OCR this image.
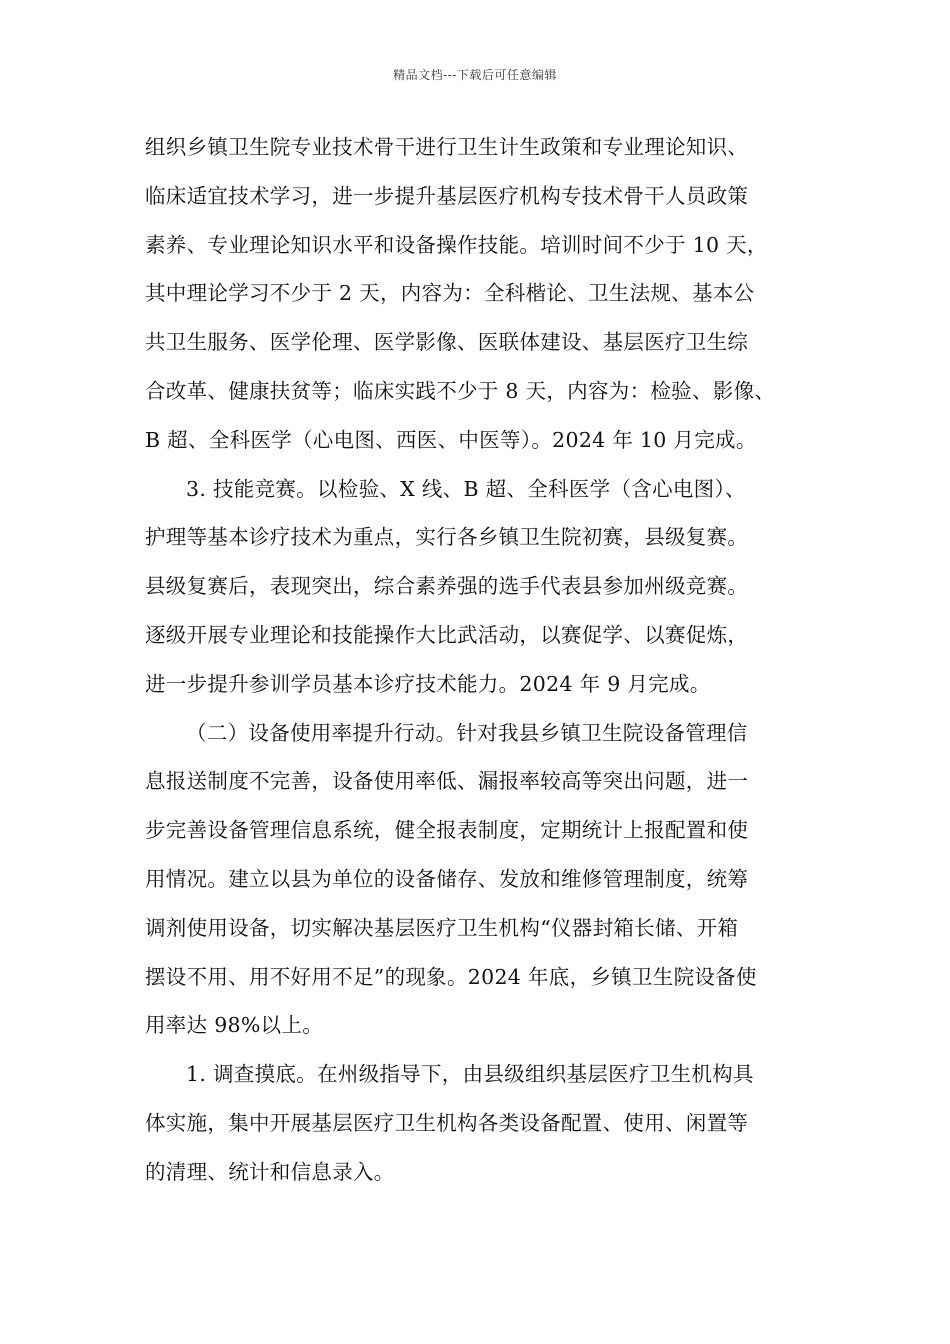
精品文档---下载后可任意编辑
组织乡镇卫生院专业技术骨干进行卫生计生政策和专业理论知识、
临床适宜技术学习，进一步提升基层医疗机构专技术骨干人员政策
素养、专业理论知识水平和设备操作技能。培训时间不少于 10 天，
其中理论学习不少于 2 天，内容为：全科楷论、卫生法规、基本公
共卫生服务、医学伦理、医学影像、医联体建设、基层医疗卫生综
合改革、健康扶贫等；临床实践不少于 8 天，内容为：检验、影像、
B 超、全科医学（心电图、西医、中医等）。2024 年 10 月完成。
3. 技能竞赛。以检验、X 线、B 超、全科医学（含心电图）、
护理等基本诊疗技术为重点，实行各乡镇卫生院初赛，县级复赛。
县级复赛后，表现突出，综合素养强的选手代表县参加州级竞赛。
逐级开展专业理论和技能操作大比武活动，以赛促学、以赛促炼，
进一步提升参训学员基本诊疗技术能力。2024 年 9 月完成。
（二）设备使用率提升行动。针对我县乡镇卫生院设备管理信
息报送制度不完善，设备使用率低、漏报率较高等突出问题，进一
步完善设备管理信息系统，健全报表制度，定期统计上报配置和使
用情况。建立以县为单位的设备储存、发放和维修管理制度，统筹
调剂使用设备，切实解决基层医疗卫生机构“仪器封箱长储、开箱
摆设不用、用不好用不足”的现象。2024 年底，乡镇卫生院设备使
用率达 98%以上。
1. 调查摸底。在州级指导下，由县级组织基层医疗卫生机构具
体实施，集中开展基层医疗卫生机构各类设备配置、使用、闲置等
的清理、统计和信息录入。
